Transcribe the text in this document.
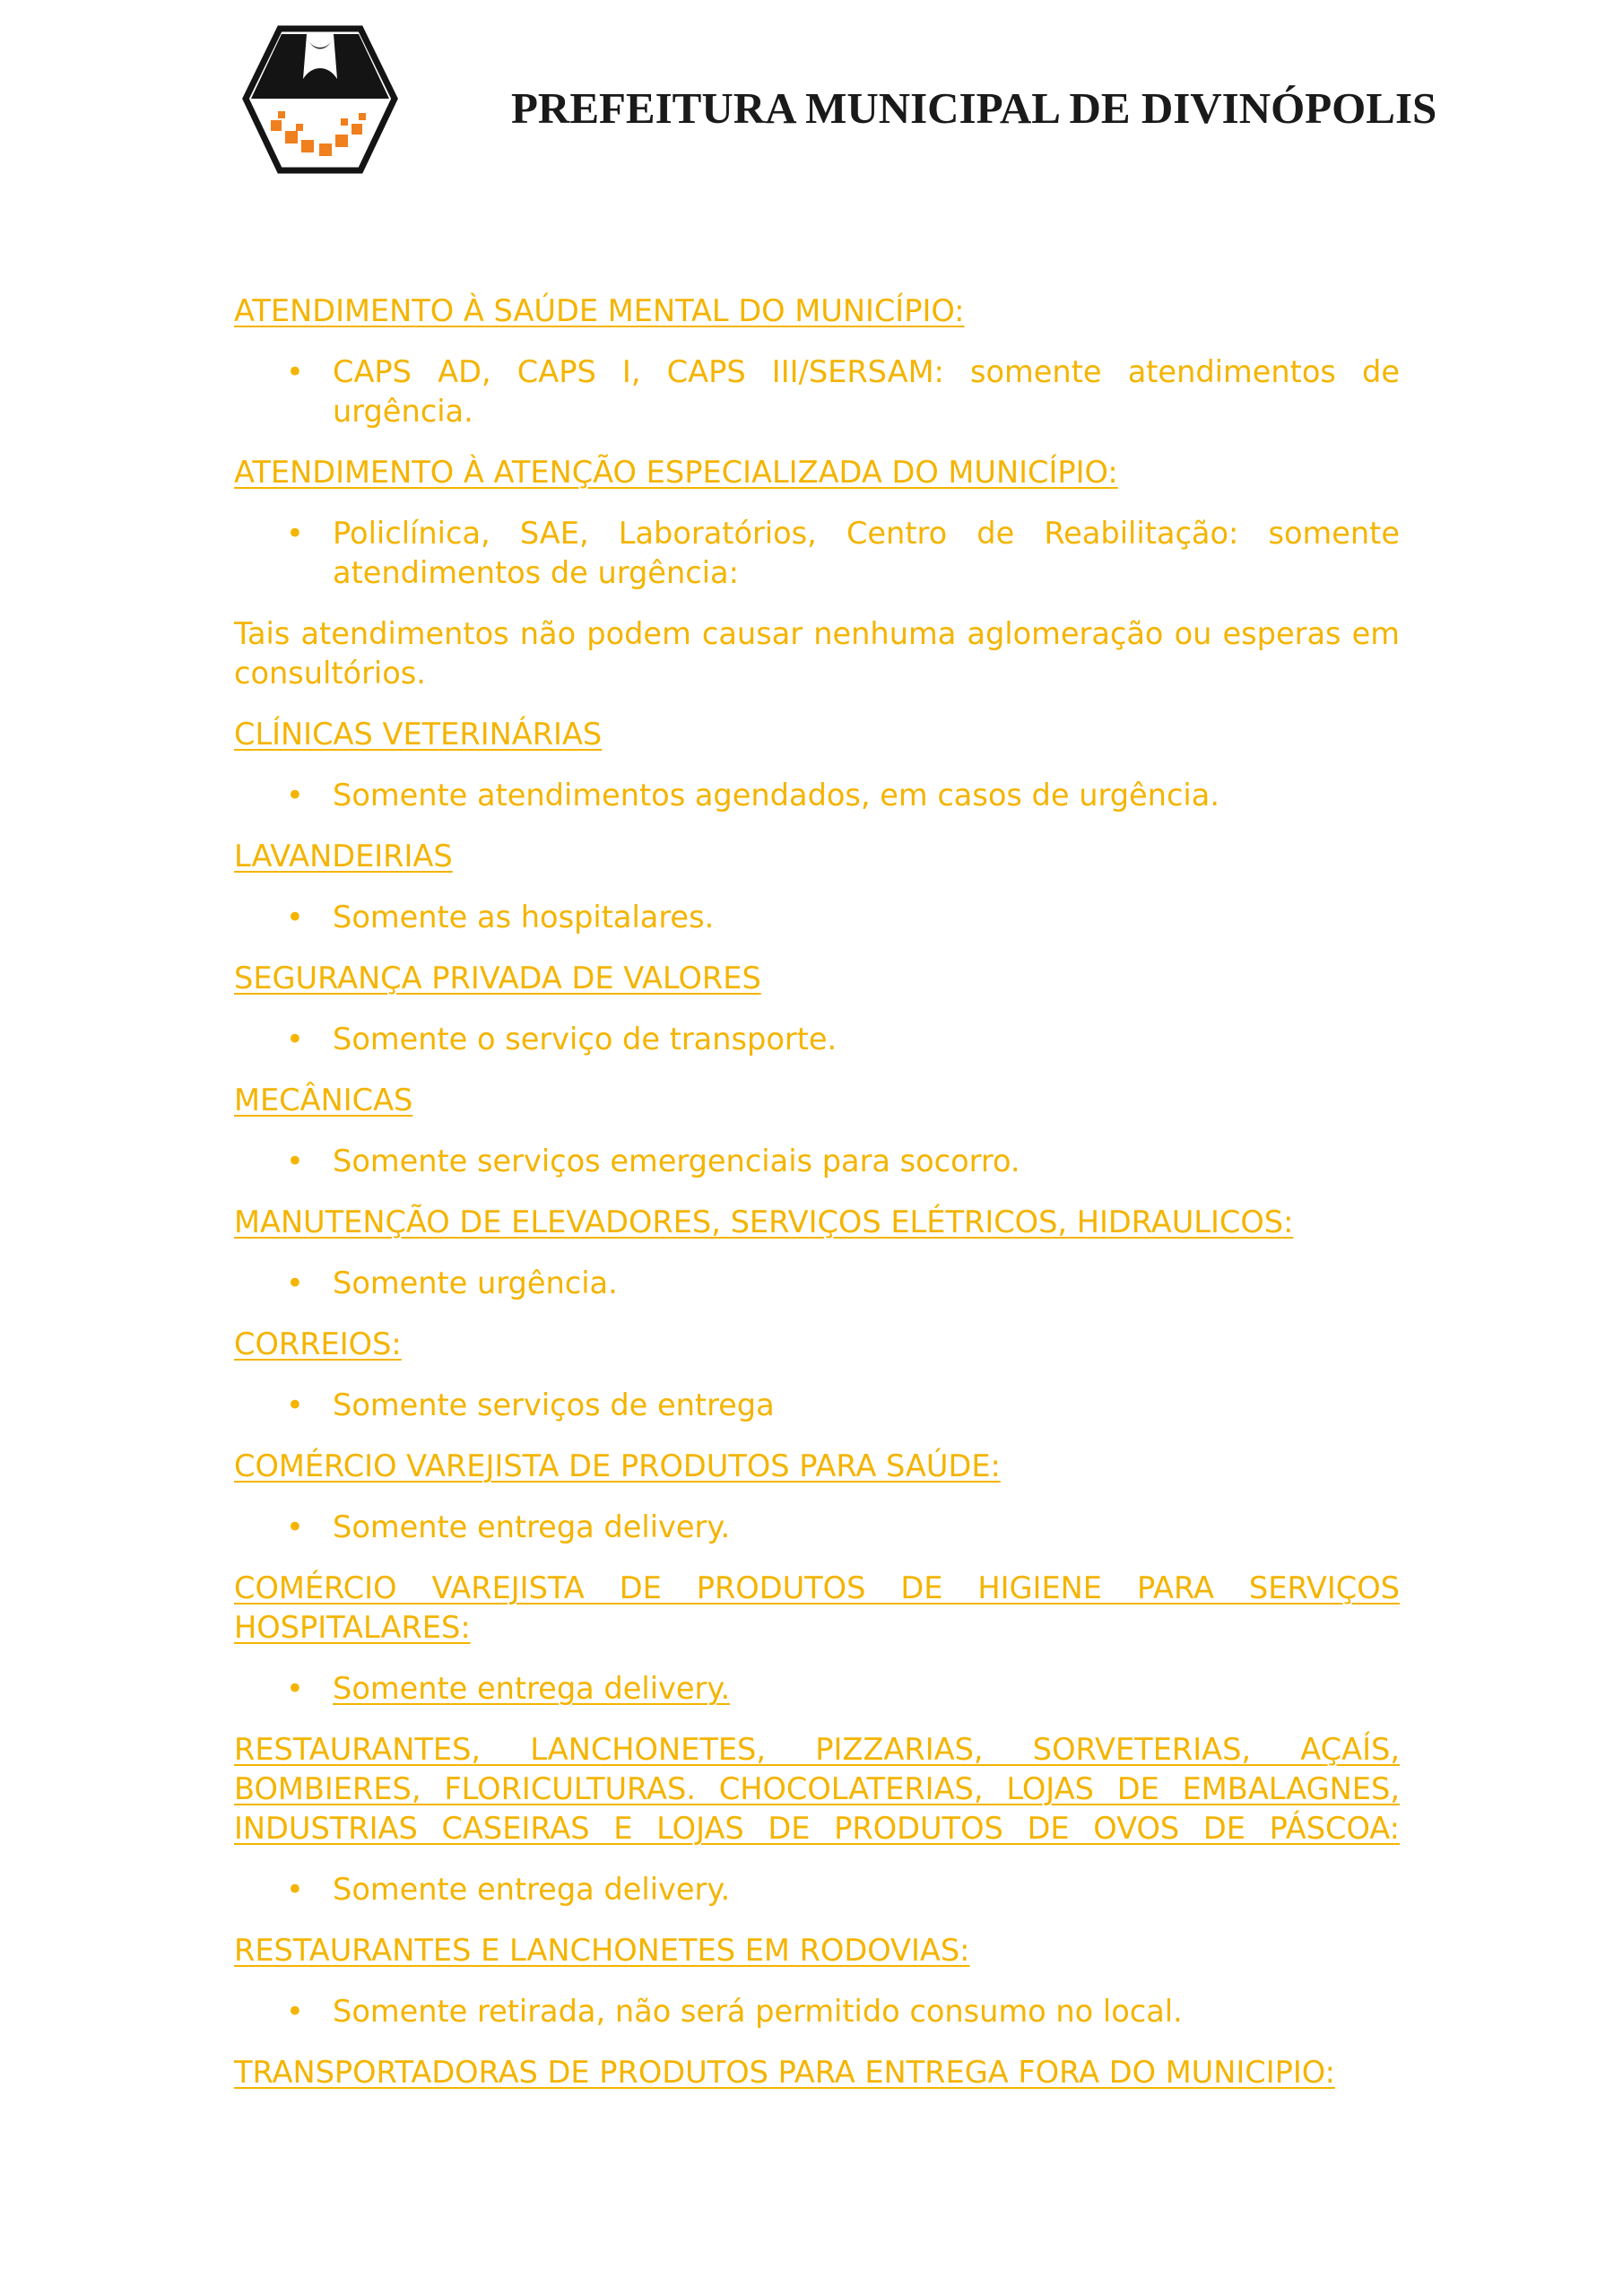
PREFEITURA MUNICIPAL DE DIVINÓPOLIS

ATENDIMENTO À SAÚDE MENTAL DO MUNICÍPIO:

• CAPS AD, CAPS I, CAPS III/SERSAM: somente atendimentos de urgência.

ATENDIMENTO À ATENÇÃO ESPECIALIZADA DO MUNICÍPIO:

• Policlínica, SAE, Laboratórios, Centro de Reabilitação: somente atendimentos de urgência:

Tais atendimentos não podem causar nenhuma aglomeração ou esperas em consultórios.

CLÍNICAS VETERINÁRIAS

• Somente atendimentos agendados, em casos de urgência.

LAVANDEIRIAS

• Somente as hospitalares.

SEGURANÇA PRIVADA DE VALORES

• Somente o serviço de transporte.

MECÂNICAS

• Somente serviços emergenciais para socorro.

MANUTENÇÃO DE ELEVADORES, SERVIÇOS ELÉTRICOS, HIDRAULICOS:

• Somente urgência.

CORREIOS:

• Somente serviços de entrega

COMÉRCIO VAREJISTA DE PRODUTOS PARA SAÚDE:

• Somente entrega delivery.

COMÉRCIO VAREJISTA DE PRODUTOS DE HIGIENE PARA SERVIÇOS HOSPITALARES:

• Somente entrega delivery.

RESTAURANTES, LANCHONETES, PIZZARIAS, SORVETERIAS, AÇAÍS, BOMBIERES, FLORICULTURAS. CHOCOLATERIAS, LOJAS DE EMBALAGNES, INDUSTRIAS CASEIRAS E LOJAS DE PRODUTOS DE OVOS DE PÁSCOA:

• Somente entrega delivery.

RESTAURANTES E LANCHONETES EM RODOVIAS:

• Somente retirada, não será permitido consumo no local.

TRANSPORTADORAS DE PRODUTOS PARA ENTREGA FORA DO MUNICIPIO:
